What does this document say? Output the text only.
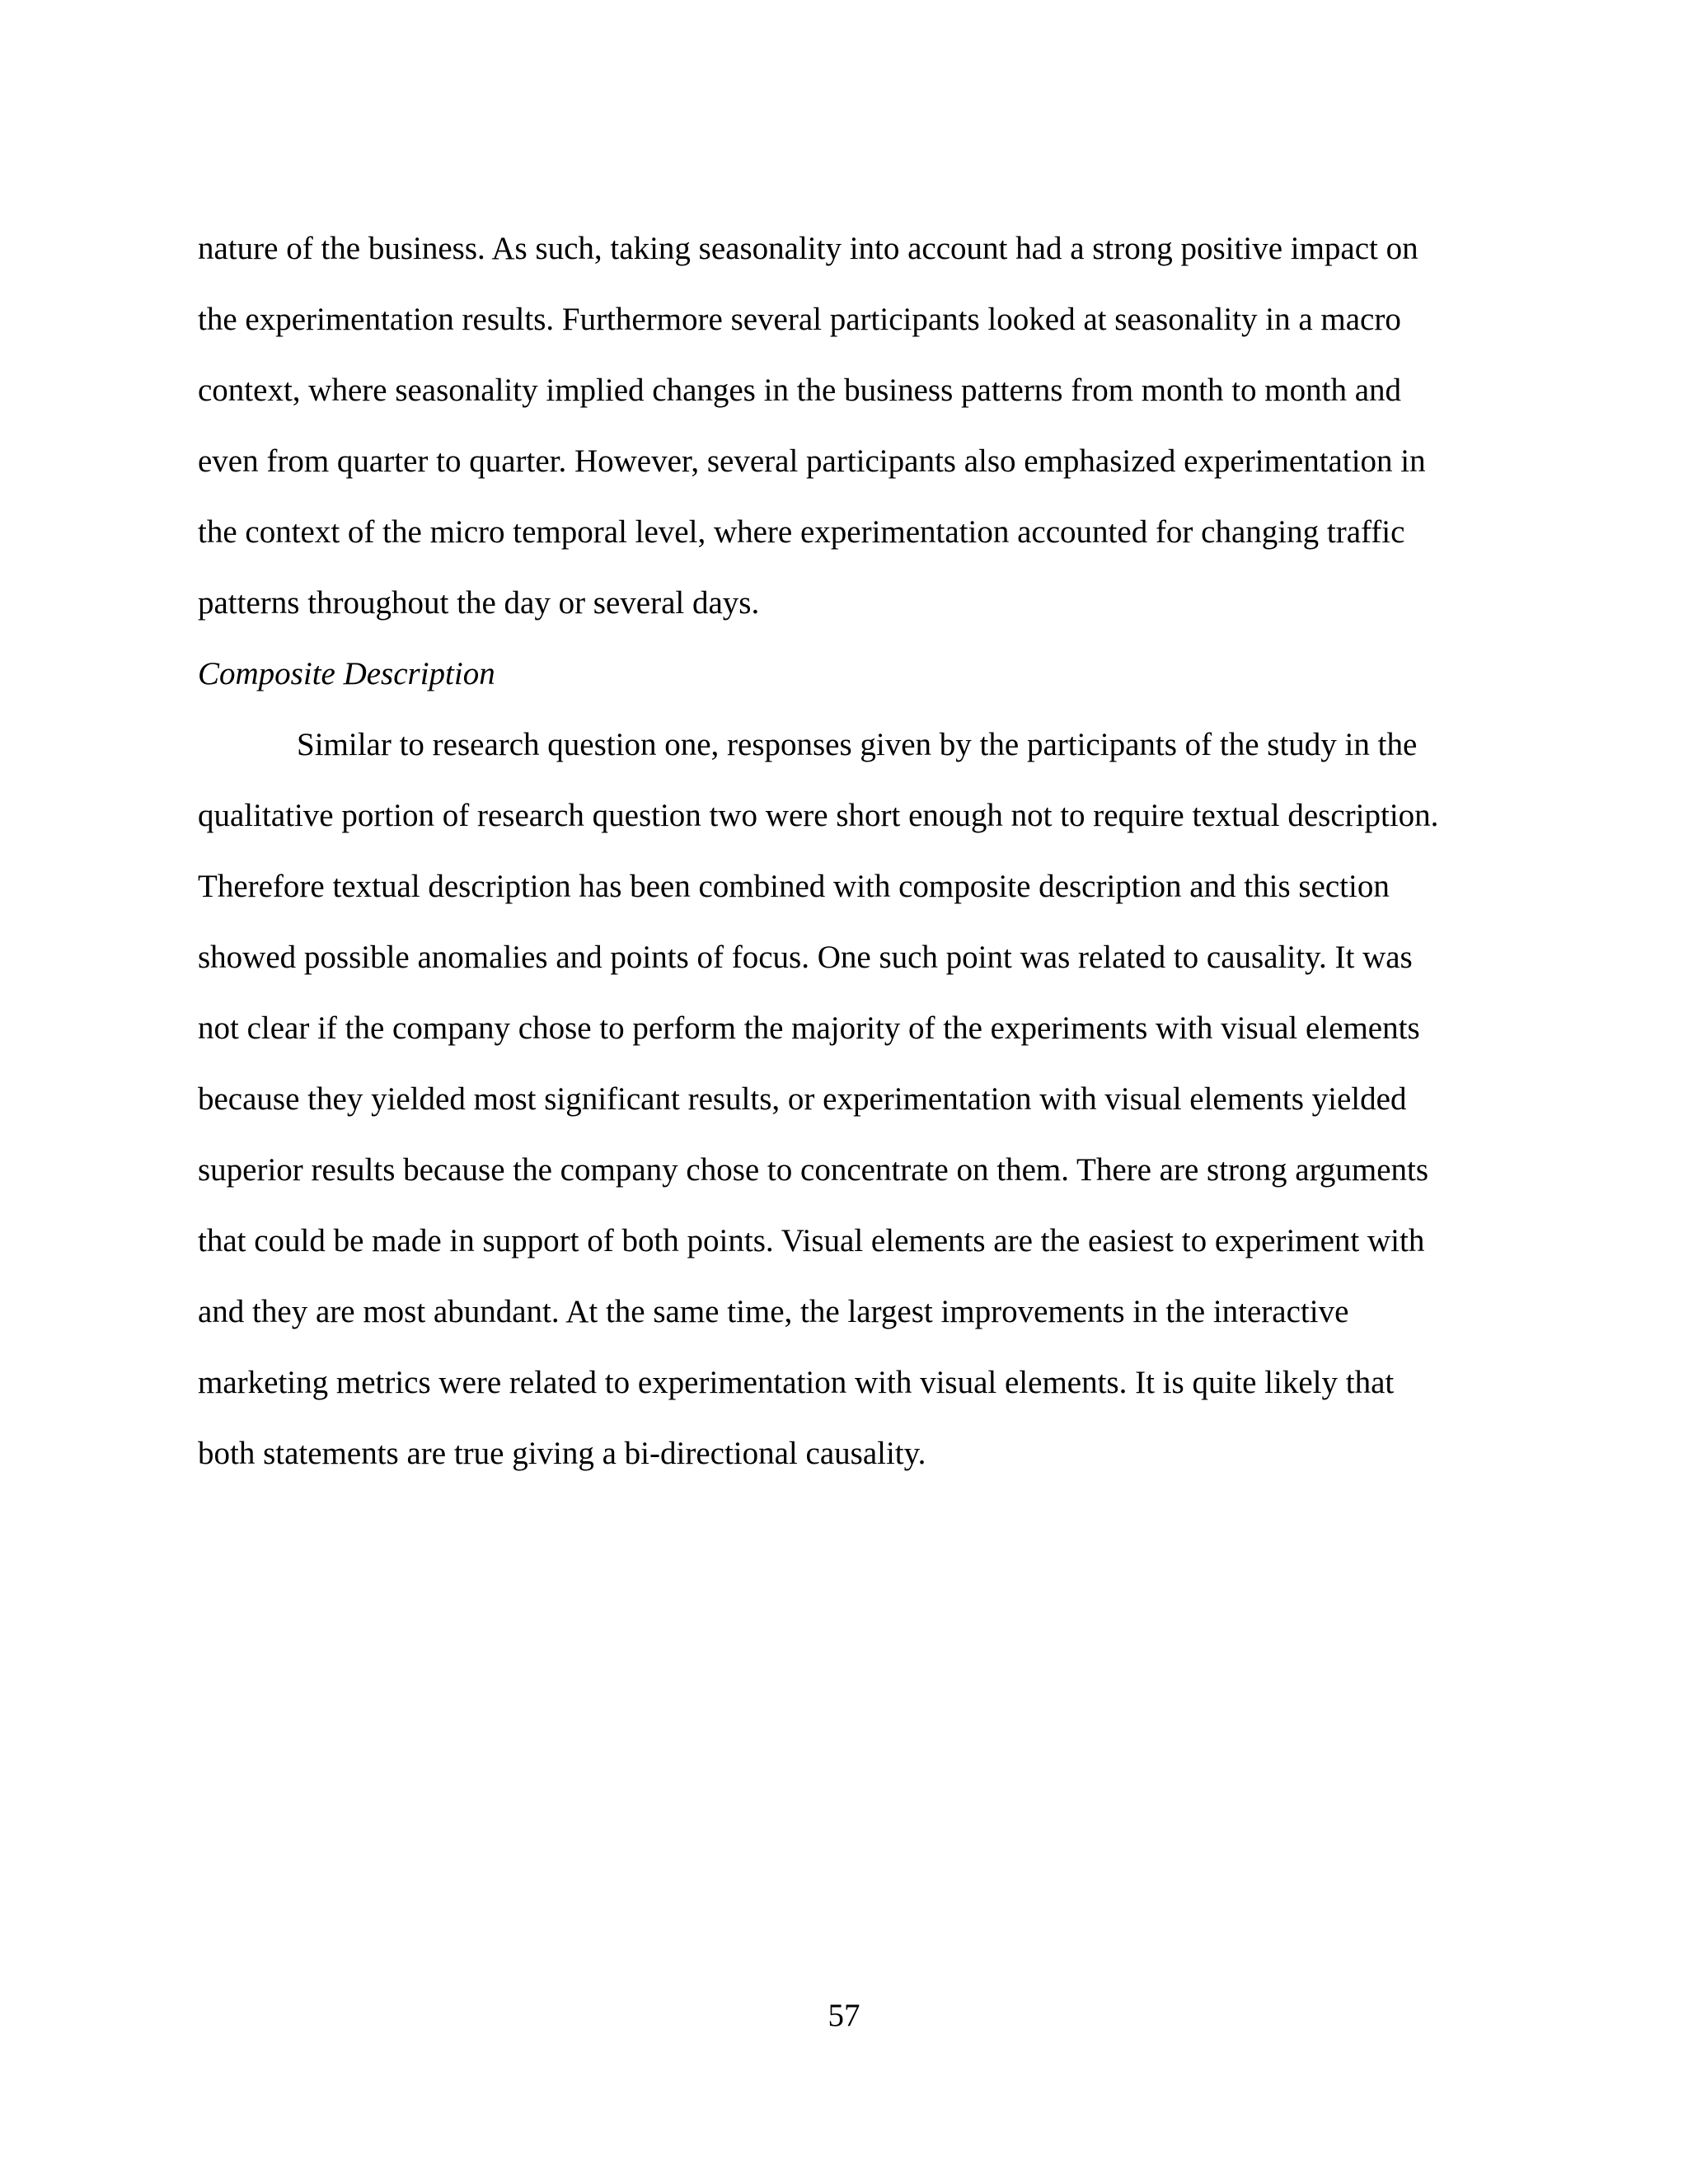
nature of the business. As such, taking seasonality into account had a strong positive impact on
the experimentation results. Furthermore several participants looked at seasonality in a macro
context, where seasonality implied changes in the business patterns from month to month and
even from quarter to quarter. However, several participants also emphasized experimentation in
the context of the micro temporal level, where experimentation accounted for changing traffic
patterns throughout the day or several days.
Composite Description
Similar to research question one, responses given by the participants of the study in the
qualitative portion of research question two were short enough not to require textual description.
Therefore textual description has been combined with composite description and this section
showed possible anomalies and points of focus. One such point was related to causality. It was
not clear if the company chose to perform the majority of the experiments with visual elements
because they yielded most significant results, or experimentation with visual elements yielded
superior results because the company chose to concentrate on them. There are strong arguments
that could be made in support of both points. Visual elements are the easiest to experiment with
and they are most abundant. At the same time, the largest improvements in the interactive
marketing metrics were related to experimentation with visual elements. It is quite likely that
both statements are true giving a bi-directional causality.
57
